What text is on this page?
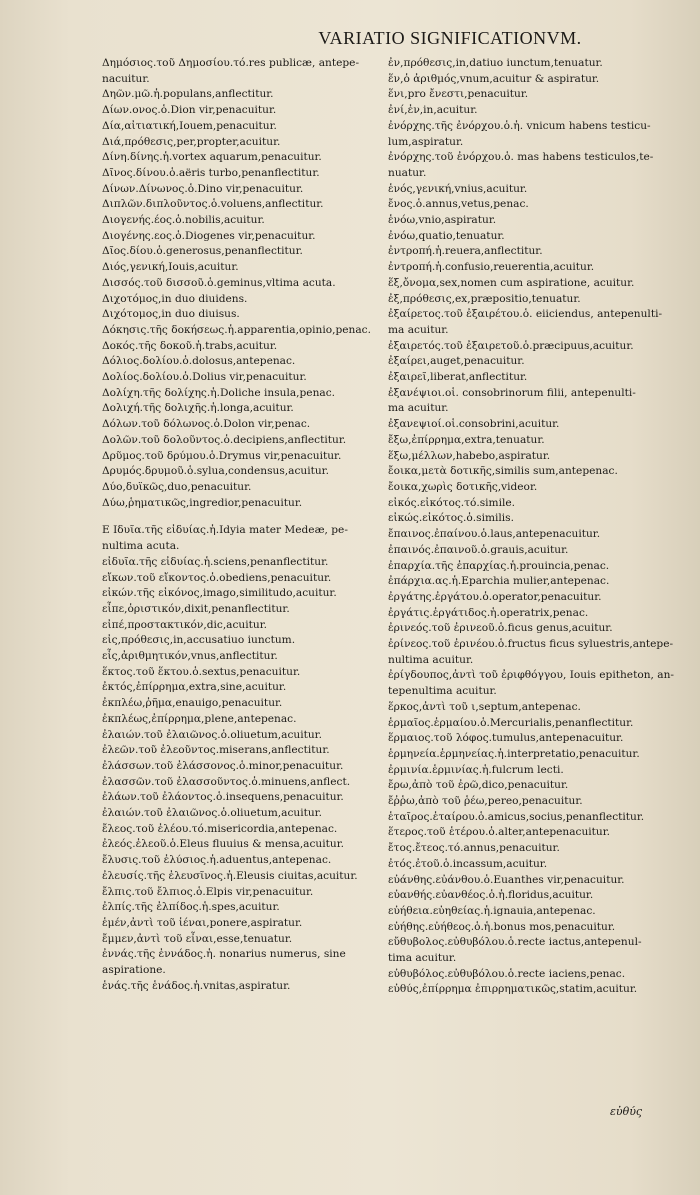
VARIATIO SIGNIFICATIONVM.
Δημόσιος.τοῦ Δημοσίου.τό.res publicæ, antepe-
nacuitur.
Δηῶν.μῶ.ἡ.populans,anflectitur.
Δίων.ονος.ὁ.Dion vir,penacuitur.
Δία,αἰτιατική,Iouem,penacuitur.
Διά,πρόθεσις,per,propter,acuitur.
Δίνη.δίνης.ἡ.vortex aquarum,penacuitur.
Δῖνος.δίνου.ὁ.aëris turbo,penanflectitur.
Δίνων.Δίνωνος.ὁ.Dino vir,penacuitur.
Διπλῶν.διπλοῦντος.ὁ.voluens,anflectitur.
Διογενής.έος.ὁ.nobilis,acuitur.
Διογένης.εος.ὁ.Diogenes vir,penacuitur.
Δῖος.δίου.ὁ.generosus,penanflectitur.
Διός,γενική,Iouis,acuitur.
Δισσός.τοῦ δισσοῦ.ὁ.geminus,vltima acuta.
Διχοτόμος,in duo diuidens.
Διχότομος,in duo diuisus.
Δόκησις.τῆς δοκήσεως.ἡ.apparentia,opinio,penac.
Δοκός.τῆς δοκοῦ.ἡ.trabs,acuitur.
Δόλιος.δολίου.ὁ.dolosus,antepenac.
Δολίος.δολίου.ὁ.Dolius vir,penacuitur.
Δολίχη.τῆς δολίχης.ἡ.Doliche insula,penac.
Δολιχή.τῆς δολιχῆς.ἡ.longa,acuitur.
Δόλων.τοῦ δόλωνος.ὁ.Dolon vir,penac.
Δολῶν.τοῦ δολοῦντος.ὁ.decipiens,anflectitur.
Δρῦμος.τοῦ δρύμου.ὁ.Drymus vir,penacuitur.
Δρυμός.δρυμοῦ.ὁ.sylua,condensus,acuitur.
Δύο,δυϊκῶς,duo,penacuitur.
Δύω,ῥηματικῶς,ingredior,penacuitur.
Ε Ιδυῖα.τῆς εἰδυίας.ἡ.Idyia mater Medeæ, pe-
nultima acuta.
εἰδυῖα.τῆς εἰδυίας.ἡ.sciens,penanflectitur.
εἴκων.τοῦ εἴκοντος.ὁ.obediens,penacuitur.
εἰκών.τῆς εἰκόνος,imago,similitudo,acuitur.
εἶπε,ὁριστικόν,dixit,penanflectitur.
εἰπέ,προστακτικόν,dic,acuitur.
εἰς,πρόθεσις,in,accusatiuo iunctum.
εἷς,ἀριθμητικόν,vnus,anflectitur.
ἕκτος.τοῦ ἕκτου.ὁ.sextus,penacuitur.
ἐκτός,ἐπίρρημα,extra,sine,acuitur.
ἐκπλέω,ῥῆμα,enauigo,penacuitur.
ἐκπλέως,ἐπίρρημα,plene,antepenac.
ἐλαιών.τοῦ ἐλαιῶνος.ὁ.oliuetum,acuitur.
ἐλεῶν.τοῦ ἐλεοῦντος.miserans,anflectitur.
ἐλάσσων.τοῦ ἐλάσσονος.ὁ.minor,penacuitur.
ἐλασσῶν.τοῦ ἐλασσοῦντος.ὁ.minuens,anflect.
ἐλάων.τοῦ ἐλάοντος.ὁ.insequens,penacuitur.
ἐλαιών.τοῦ ἐλαιῶνος.ὁ.oliuetum,acuitur.
ἔλεος.τοῦ ἐλέου.τό.misericordia,antepenac.
ἐλεός.ἐλεοῦ.ὁ.Eleus fluuius & mensa,acuitur.
ἔλυσις.τοῦ ἐλύσιος.ἡ.aduentus,antepenac.
ἐλευσίς.τῆς ἐλευσῖνος.ἡ.Eleusis ciuitas,acuitur.
ἔλπις.τοῦ ἔλπιος.ὁ.Elpis vir,penacuitur.
ἐλπίς.τῆς ἐλπίδος.ἡ.spes,acuitur.
ἑμέν,ἀντὶ τοῦ ἱέναι,ponere,aspiratur.
ἔμμεν,ἀντὶ τοῦ εἶναι,esse,tenuatur.
ἐννάς.τῆς ἐννάδος.ἡ. nonarius numerus, sine
aspiratione.
ἑνάς.τῆς ἑνάδος.ἡ.vnitas,aspiratur.
ἐν,πρόθεσις,in,datiuo iunctum,tenuatur.
ἕν,ὁ ἀριθμός,vnum,acuitur & aspiratur.
ἕνι,pro ἔνεστι,penacuitur.
ἐνί,ἐν,in,acuitur.
ἐνόρχης.τῆς ἐνόρχου.ὁ.ἡ. vnicum habens testicu-
lum,aspiratur.
ἐνόρχης.τοῦ ἐνόρχου.ὁ. mas habens testiculos,te-
nuatur.
ἑνός,γενική,vnius,acuitur.
ἔνος.ὁ.annus,vetus,penac.
ἑνόω,vnio,aspiratur.
ἐνόω,quatio,tenuatur.
ἐντροπή.ἡ.reuera,anflectitur.
ἐντροπή.ἡ.confusio,reuerentia,acuitur.
ἕξ,ὄνομα,sex,nomen cum aspiratione, acuitur.
ἐξ,πρόθεσις,ex,præpositio,tenuatur.
ἐξαίρετος.τοῦ ἐξαιρέτου.ὁ. eiiciendus, antepenulti-
ma acuitur.
ἐξαιρετός.τοῦ ἐξαιρετοῦ.ὁ.præcipuus,acuitur.
ἐξαίρει,auget,penacuitur.
ἐξαιρεῖ,liberat,anflectitur.
ἐξανέψιοι.οἱ. consobrinorum filii, antepenulti-
ma acuitur.
ἐξανεψιοί.οἱ.consobrini,acuitur.
ἔξω,ἐπίρρημα,extra,tenuatur.
ἕξω,μέλλων,habebo,aspiratur.
ἔοικα,μετὰ δοτικῆς,similis sum,antepenac.
ἔοικα,χωρὶς δοτικῆς,videor.
εἰκός.εἰκότος.τό.simile.
εἰκώς.εἰκότος.ὁ.similis.
ἔπαινος.ἐπαίνου.ὁ.laus,antepenacuitur.
ἐπαινός.ἐπαινοῦ.ὁ.grauis,acuitur.
ἐπαρχία.τῆς ἐπαρχίας.ἡ.prouincia,penac.
ἐπάρχια.ας.ἡ.Eparchia mulier,antepenac.
ἐργάτης.ἐργάτου.ὁ.operator,penacuitur.
ἐργάτις.ἐργάτιδος.ἡ.operatrix,penac.
ἐρινεός.τοῦ ἐρινεοῦ.ὁ.ficus genus,acuitur.
ἐρίνεος.τοῦ ἐρινέου.ὁ.fructus ficus syluestris,antepe-
nultima acuitur.
ἐρίγδουπος,ἀντὶ τοῦ ἐριφθόγγου, Iouis epitheton, an-
tepenultima acuitur.
ἕρκος,ἀντὶ τοῦ ι,septum,antepenac.
ἑρμαῖος.ἑρμαίου.ὁ.Mercurialis,penanflectitur.
ἕρμαιος.τοῦ λόφος.tumulus,antepenacuitur.
ἑρμηνεία.ἑρμηνείας.ἡ.interpretatio,penacuitur.
ἐρμινία.ἑρμινίας.ἡ.fulcrum lecti.
ἔρω,ἀπὸ τοῦ ἐρῶ,dico,penacuitur.
ἔῤῥω,ἀπὸ τοῦ ῥέω,pereo,penacuitur.
ἑταῖρος.ἑταίρου.ὁ.amicus,socius,penanflectitur.
ἕτερος.τοῦ ἑτέρου.ὁ.alter,antepenacuitur.
ἔτος.ἔτεος.τό.annus,penacuitur.
ἐτός.ἐτοῦ.ὁ.incassum,acuitur.
εὐάνθης.εὐάνθου.ὁ.Euanthes vir,penacuitur.
εὐανθής.εὐανθέος.ὁ.ἡ.floridus,acuitur.
εὐήθεια.εὐηθείας.ἡ.ignauia,antepenac.
εὐήθης.εὐήθεος.ὁ.ἡ.bonus mos,penacuitur.
εὔθυβολος.εὐθυβόλου.ὁ.recte iactus,antepenul-
tima acuitur.
εὐθυβόλος.εὐθυβόλου.ὁ.recte iaciens,penac.
εὐθύς,ἐπίρρημα ἐπιρρηματικῶς,statim,acuitur.
εὐθύς
